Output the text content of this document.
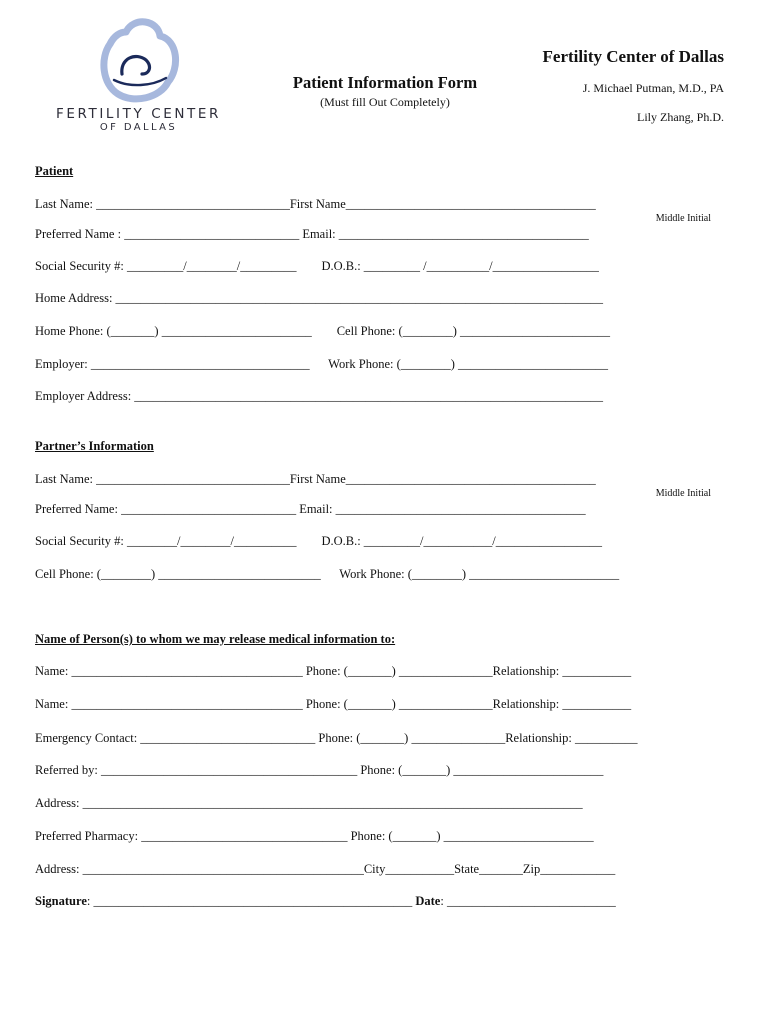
FERTILITY CENTER
OF DALLAS
Patient Information Form
(Must fill Out Completely)
Fertility Center of Dallas
J. Michael Putman, M.D., PA
Lily Zhang, Ph.D.
Patient
Last Name: _______________________________First Name________________________________________
Middle Initial
Preferred Name : ____________________________ Email: ________________________________________
Social Security #: _________/________/_________        D.O.B.: _________ /__________/_________________
Home Address: ______________________________________________________________________________
Home Phone: (_______) ________________________        Cell Phone: (________) ________________________
Employer: ___________________________________      Work Phone: (________) ________________________
Employer Address: ___________________________________________________________________________
Partner’s Information
Last Name: _______________________________First Name________________________________________
Middle Initial
Preferred Name: ____________________________ Email: ________________________________________
Social Security #: ________/________/__________        D.O.B.: _________/___________/_________________
Cell Phone: (________) __________________________      Work Phone: (________) ________________________
Name of Person(s) to whom we may release medical information to:
Name: _____________________________________ Phone: (_______) _______________Relationship: ___________
Name: _____________________________________ Phone: (_______) _______________Relationship: ___________
Emergency Contact: ____________________________ Phone: (_______) _______________Relationship: __________
Referred by: _________________________________________ Phone: (_______) ________________________
Address: ________________________________________________________________________________
Preferred Pharmacy: _________________________________ Phone: (_______) ________________________
Address: _____________________________________________City___________State_______Zip____________
Signature: ___________________________________________________ Date: ___________________________
